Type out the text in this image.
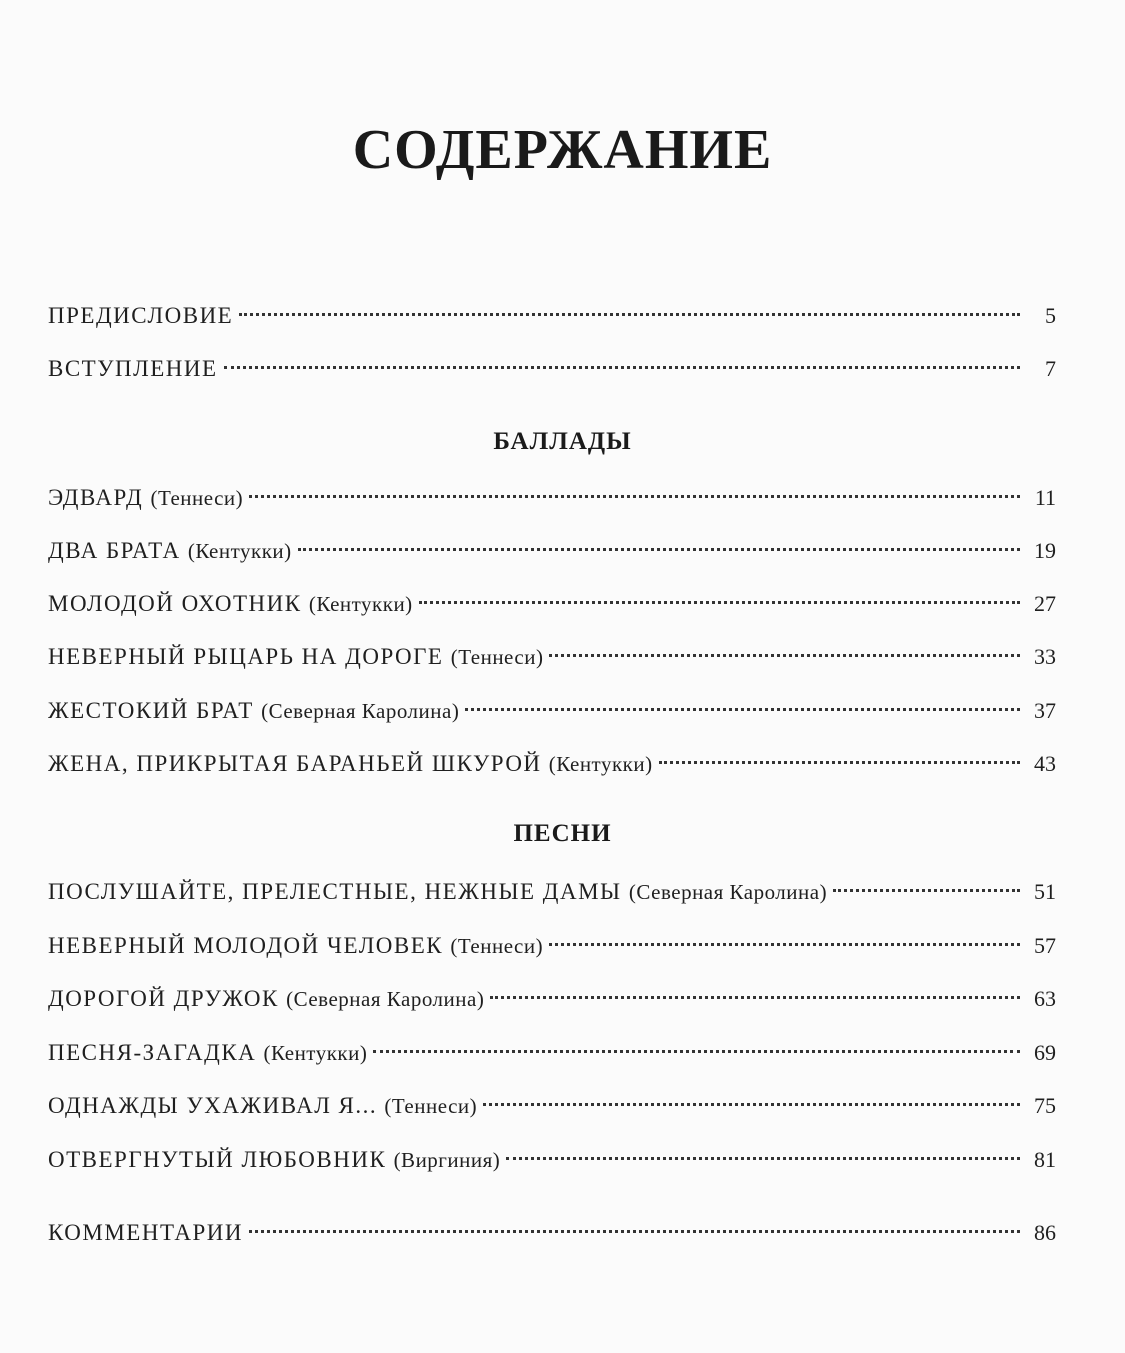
СОДЕРЖАНИЕ
ПРЕДИСЛОВИЕ	5
ВСТУПЛЕНИЕ	7
БАЛЛАДЫ
ЭДВАРД (Теннеси)	11
ДВА БРАТА (Кентукки)	19
МОЛОДОЙ ОХОТНИК (Кентукки)	27
НЕВЕРНЫЙ РЫЦАРЬ НА ДОРОГЕ (Теннеси)	33
ЖЕСТОКИЙ БРАТ (Северная Каролина)	37
ЖЕНА, ПРИКРЫТАЯ БАРАНЬЕЙ ШКУРОЙ (Кентукки)	43
ПЕСНИ
ПОСЛУШАЙТЕ, ПРЕЛЕСТНЫЕ, НЕЖНЫЕ ДАМЫ (Северная Каролина)	51
НЕВЕРНЫЙ МОЛОДОЙ ЧЕЛОВЕК (Теннеси)	57
ДОРОГОЙ ДРУЖОК (Северная Каролина)	63
ПЕСНЯ-ЗАГАДКА (Кентукки)	69
ОДНАЖДЫ УХАЖИВАЛ Я... (Теннеси)	75
ОТВЕРГНУТЫЙ ЛЮБОВНИК (Виргиния)	81
КОММЕНТАРИИ	86
